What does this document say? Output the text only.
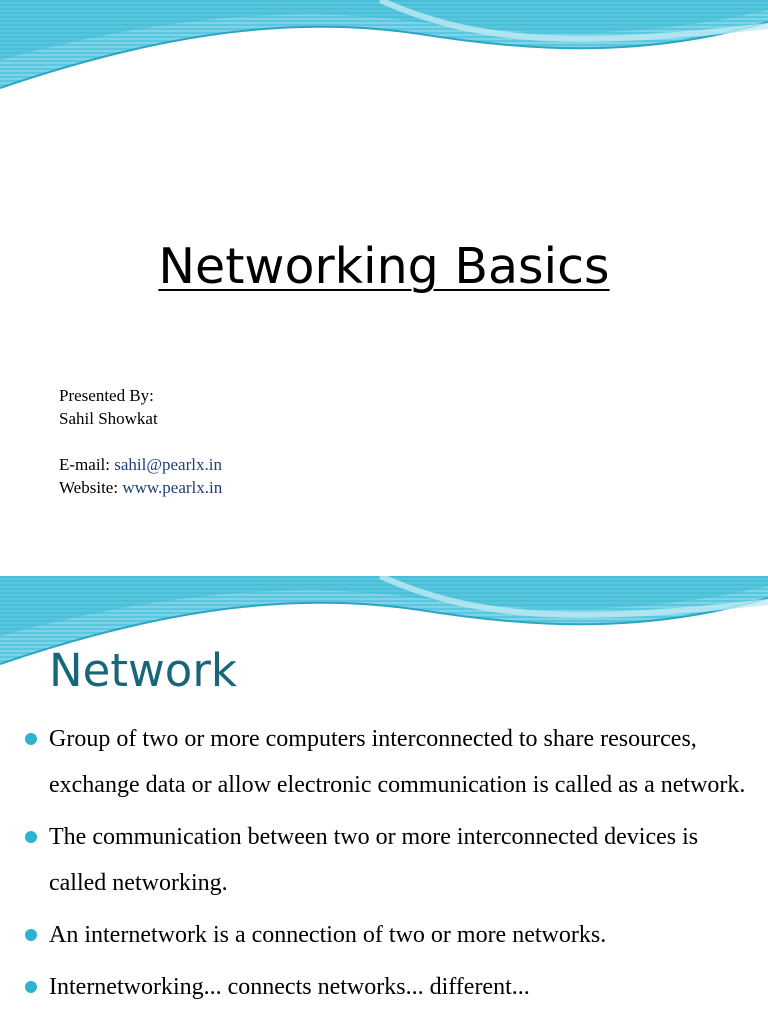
Networking Basics
Presented By:
Sahil Showkat
E-mail: sahil@pearlx.in
Website: www.pearlx.in
Network
Group of two or more computers interconnected to share resources, exchange data or allow electronic communication is called as a network.
The communication between two or more interconnected devices is called networking.
An internetwork is a connection of two or more networks.
Internetworking... connects networks... different...
